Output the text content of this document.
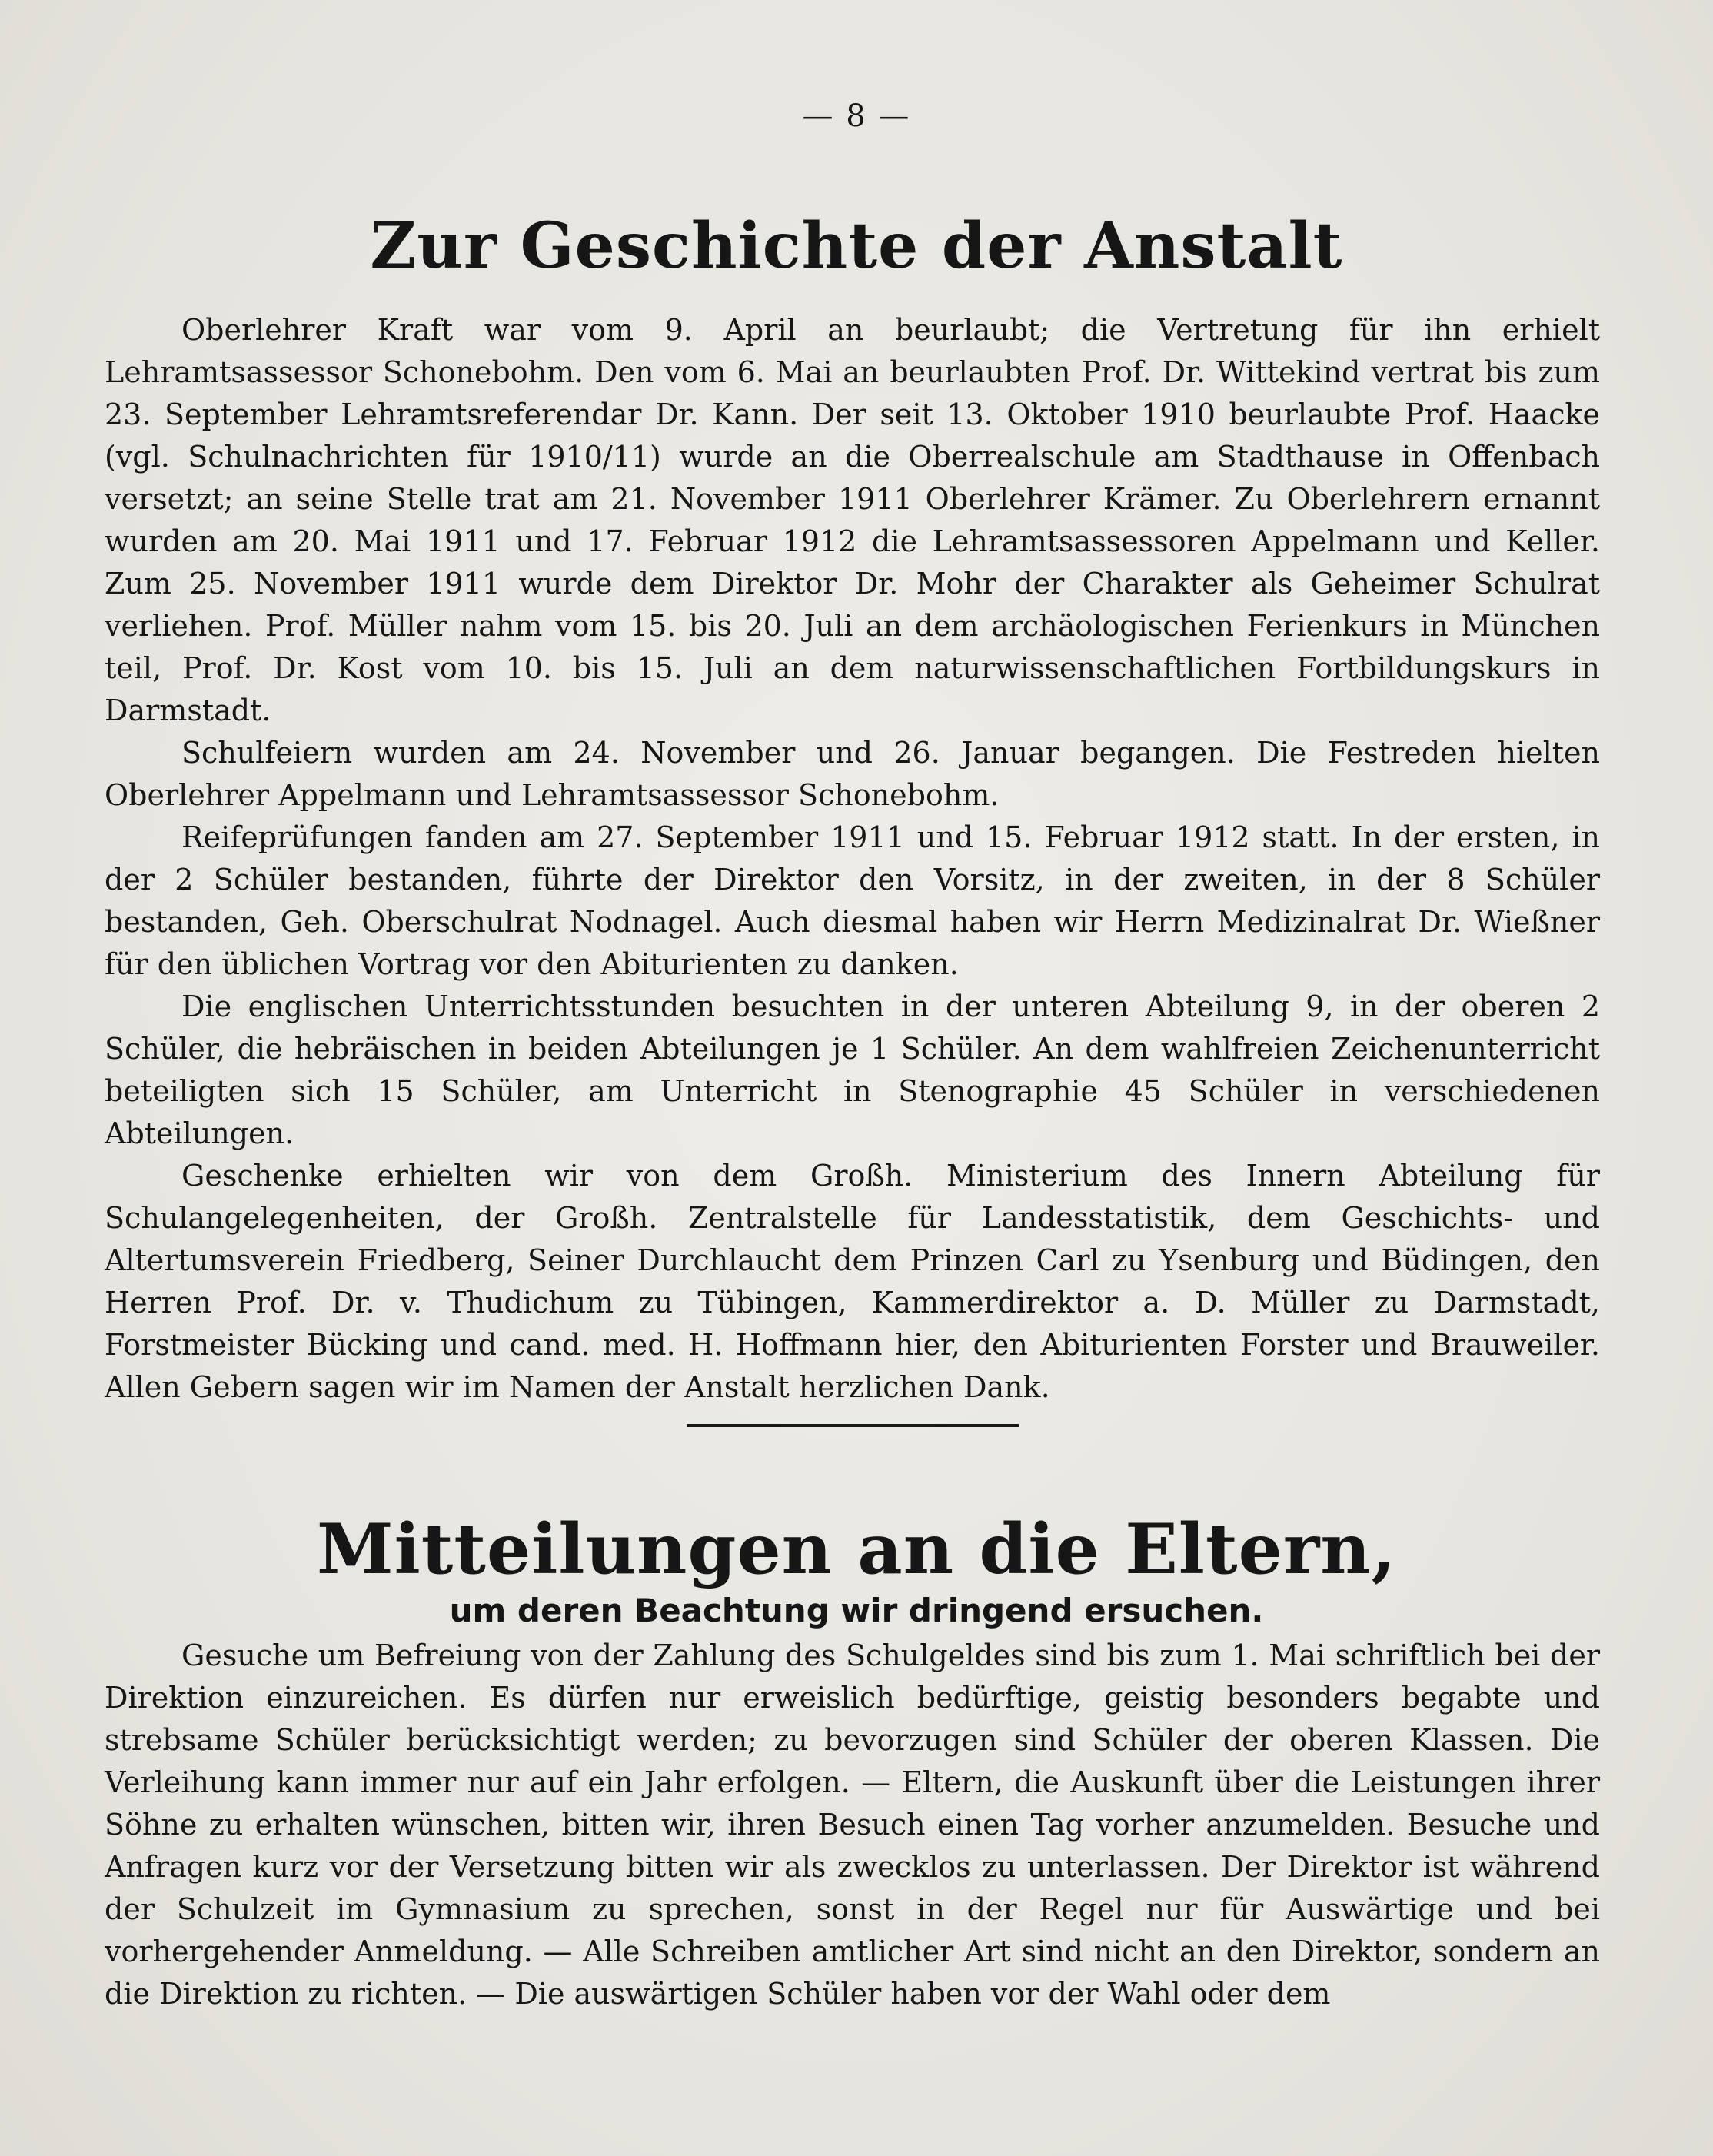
— 8 —
Zur Geschichte der Anstalt

Oberlehrer Kraft war vom 9. April an beurlaubt; die Vertretung für ihn erhielt Lehramtsassessor Schonebohm. Den vom 6. Mai an beurlaubten Prof. Dr. Wittekind vertrat bis zum 23. September Lehramtsreferendar Dr. Kann. Der seit 13. Oktober 1910 beurlaubte Prof. Haacke (vgl. Schulnachrichten für 1910/11) wurde an die Oberrealschule am Stadthause in Offenbach versetzt; an seine Stelle trat am 21. November 1911 Oberlehrer Krämer. Zu Oberlehrern ernannt wurden am 20. Mai 1911 und 17. Februar 1912 die Lehramtsassessoren Appelmann und Keller. Zum 25. November 1911 wurde dem Direktor Dr. Mohr der Charakter als Geheimer Schulrat verliehen. Prof. Müller nahm vom 15. bis 20. Juli an dem archäologischen Ferienkurs in München teil, Prof. Dr. Kost vom 10. bis 15. Juli an dem naturwissenschaftlichen Fortbildungskurs in Darmstadt.

Schulfeiern wurden am 24. November und 26. Januar begangen. Die Festreden hielten Oberlehrer Appelmann und Lehramtsassessor Schonebohm.

Reifeprüfungen fanden am 27. September 1911 und 15. Februar 1912 statt. In der ersten, in der 2 Schüler bestanden, führte der Direktor den Vorsitz, in der zweiten, in der 8 Schüler bestanden, Geh. Oberschulrat Nodnagel. Auch diesmal haben wir Herrn Medizinalrat Dr. Wießner für den üblichen Vortrag vor den Abiturienten zu danken.

Die englischen Unterrichtsstunden besuchten in der unteren Abteilung 9, in der oberen 2 Schüler, die hebräischen in beiden Abteilungen je 1 Schüler. An dem wahlfreien Zeichenunterricht beteiligten sich 15 Schüler, am Unterricht in Stenographie 45 Schüler in verschiedenen Abteilungen.

Geschenke erhielten wir von dem Großh. Ministerium des Innern Abteilung für Schulangelegenheiten, der Großh. Zentralstelle für Landesstatistik, dem Geschichts- und Altertumsverein Friedberg, Seiner Durchlaucht dem Prinzen Carl zu Ysenburg und Büdingen, den Herren Prof. Dr. v. Thudichum zu Tübingen, Kammerdirektor a. D. Müller zu Darmstadt, Forstmeister Bücking und cand. med. H. Hoffmann hier, den Abiturienten Forster und Brauweiler. Allen Gebern sagen wir im Namen der Anstalt herzlichen Dank.

Mitteilungen an die Eltern,
um deren Beachtung wir dringend ersuchen.

Gesuche um Befreiung von der Zahlung des Schulgeldes sind bis zum 1. Mai schriftlich bei der Direktion einzureichen. Es dürfen nur erweislich bedürftige, geistig besonders begabte und strebsame Schüler berücksichtigt werden; zu bevorzugen sind Schüler der oberen Klassen. Die Verleihung kann immer nur auf ein Jahr erfolgen. — Eltern, die Auskunft über die Leistungen ihrer Söhne zu erhalten wünschen, bitten wir, ihren Besuch einen Tag vorher anzumelden. Besuche und Anfragen kurz vor der Versetzung bitten wir als zwecklos zu unterlassen. Der Direktor ist während der Schulzeit im Gymnasium zu sprechen, sonst in der Regel nur für Auswärtige und bei vorhergehender Anmeldung. — Alle Schreiben amtlicher Art sind nicht an den Direktor, sondern an die Direktion zu richten. — Die auswärtigen Schüler haben vor der Wahl oder dem
